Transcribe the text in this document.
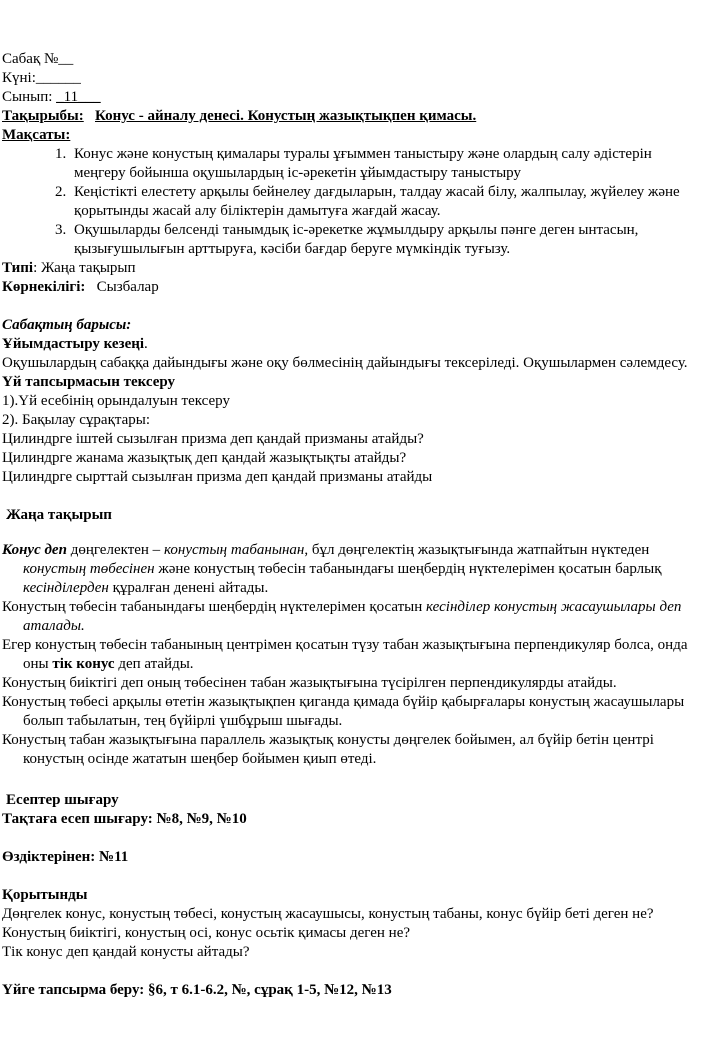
Сабақ №__

Күні:______

Сынып: _11___

Тақырыбы: Конус - айналу денесі. Конустың жазықтықпен қимасы.

Мақсаты:

1. Конус және конустың қималары туралы ұғыммен таныстыру және олардың салу әдістерін меңгеру бойынша оқушылардың іс-әрекетін ұйымдастыру таныстыру
2. Кеңістікті елестету арқылы бейнелеу дағдыларын, талдау жасай білу, жалпылау, жүйелеу және қорытынды жасай алу біліктерін дамытуға жағдай жасау.
3. Оқушыларды белсенді танымдық іс-әрекетке жұмылдыру арқылы пәнге деген ынтасын, қызығушылығын арттыруға, кәсіби бағдар беруге мүмкіндік туғызу.

Типі: Жаңа тақырып

Көрнекілігі: Сызбалар

Сабақтың барысы:

Ұйымдастыру кезеңі.

Оқушылардың сабаққа дайындығы және оқу бөлмесінің дайындығы тексеріледі. Оқушылармен сәлемдесу.

Үй тапсырмасын тексеру

1).Үй есебінің орындалуын тексеру

2). Бақылау сұрақтары:

Цилиндрге іштей сызылған призма деп қандай призманы атайды?

Цилиндрге жанама жазықтық деп қандай жазықтықты атайды?

Цилиндрге сырттай сызылған призма деп қандай призманы атайды

Жаңа тақырып

Конус деп дөңгелектен – конустың табанынан, бұл дөңгелектің жазықтығында жатпайтын нүктеден конустың төбесінен және конустың төбесін табанындағы шеңбердің нүктелерімен қосатын барлық кесінділерден құралған денені айтады.

Конустың төбесін табанындағы шеңбердің нүктелерімен қосатын кесінділер конустың жасаушылары деп аталады.

Егер конустың төбесін табанының центрімен қосатын түзу табан жазықтығына перпендикуляр болса, онда оны тік конус деп атайды.

Конустың биіктігі деп оның төбесінен табан жазықтығына түсірілген перпендикулярды атайды.

Конустың төбесі арқылы өтетін жазықтықпен қиганда қимада бүйір қабырғалары конустың жасаушылары болып табылатын, тең бүйірлі үшбұрыш шығады.

Конустың табан жазықтығына параллель жазықтық конусты дөңгелек бойымен, ал бүйір бетін центрі конустың осінде жататын шеңбер бойымен қиып өтеді.

Есептер шығару

Тақтаға есеп шығару: №8, №9, №10

Өздіктерінен: №11

Қорытынды

Дөңгелек конус, конустың төбесі, конустың жасаушысы, конустың табаны, конус бүйір беті деген не?

Конустың биіктігі, конустың осі, конус осьтік қимасы деген не?

Тік конус деп қандай конусты айтады?

Үйге тапсырма беру: §6, т 6.1-6.2, №, сұрақ 1-5, №12, №13
